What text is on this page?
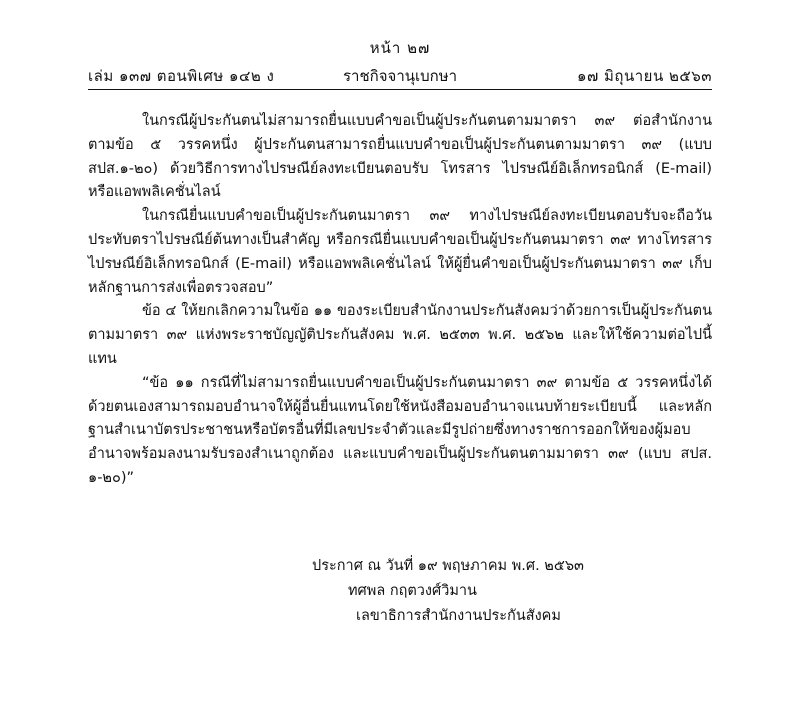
หน้า ๒๗
เล่ม ๑๓๗ ตอนพิเศษ ๑๔๒ ง	ราชกิจจานุเบกษา	๑๗ มิถุนายน ๒๕๖๓

ในกรณีผู้ประกันตนไม่สามารถยื่นแบบคำขอเป็นผู้ประกันตนตามมาตรา ๓๙ ต่อสำนักงานตามข้อ ๕ วรรคหนึ่ง ผู้ประกันตนสามารถยื่นแบบคำขอเป็นผู้ประกันตนตามมาตรา ๓๙ (แบบ สปส.๑-๒๐) ด้วยวิธีการทางไปรษณีย์ลงทะเบียนตอบรับ โทรสาร ไปรษณีย์อิเล็กทรอนิกส์ (E-mail) หรือแอพพลิเคชั่นไลน์

ในกรณียื่นแบบคำขอเป็นผู้ประกันตนมาตรา ๓๙ ทางไปรษณีย์ลงทะเบียนตอบรับจะถือวันประทับตราไปรษณีย์ต้นทางเป็นสำคัญ หรือกรณียื่นแบบคำขอเป็นผู้ประกันตนมาตรา ๓๙ ทางโทรสาร ไปรษณีย์อิเล็กทรอนิกส์ (E-mail) หรือแอพพลิเคชั่นไลน์ ให้ผู้ยื่นคำขอเป็นผู้ประกันตนมาตรา ๓๙ เก็บหลักฐานการส่งเพื่อตรวจสอบ”

ข้อ ๔ ให้ยกเลิกความในข้อ ๑๑ ของระเบียบสำนักงานประกันสังคมว่าด้วยการเป็นผู้ประกันตนตามมาตรา ๓๙ แห่งพระราชบัญญัติประกันสังคม พ.ศ. ๒๕๓๓ พ.ศ. ๒๕๖๒ และให้ใช้ความต่อไปนี้แทน

“ข้อ ๑๑ กรณีที่ไม่สามารถยื่นแบบคำขอเป็นผู้ประกันตนมาตรา ๓๙ ตามข้อ ๕ วรรคหนึ่งได้ด้วยตนเองสามารถมอบอำนาจให้ผู้อื่นยื่นแทนโดยใช้หนังสือมอบอำนาจแนบท้ายระเบียบนี้ และหลักฐานสำเนาบัตรประชาชนหรือบัตรอื่นที่มีเลขประจำตัวและมีรูปถ่ายซึ่งทางราชการออกให้ของผู้มอบอำนาจพร้อมลงนามรับรองสำเนาถูกต้อง และแบบคำขอเป็นผู้ประกันตนตามมาตรา ๓๙ (แบบ สปส. ๑-๒๐)”

ประกาศ ณ วันที่ ๑๙ พฤษภาคม พ.ศ. ๒๕๖๓
ทศพล กฤตวงศ์วิมาน
เลขาธิการสำนักงานประกันสังคม
